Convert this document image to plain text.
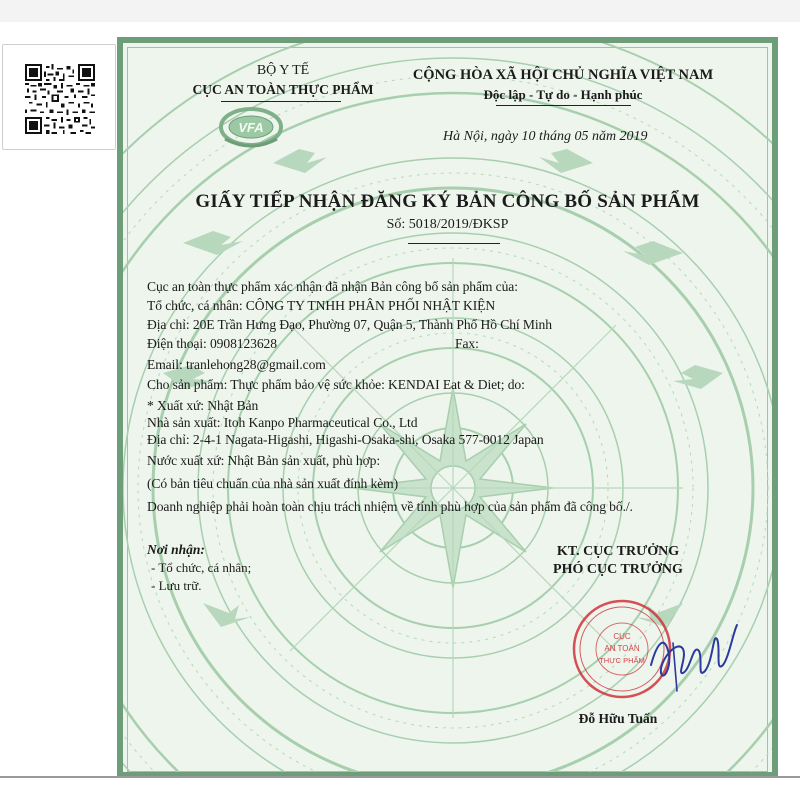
BỘ Y TẾ
CỤC AN TOÀN THỰC PHẨM
VFA
CỘNG HÒA XÃ HỘI CHỦ NGHĨA VIỆT NAM
Độc lập - Tự do - Hạnh phúc
Hà Nội, ngày 10 tháng 05 năm 2019
GIẤY TIẾP NHẬN ĐĂNG KÝ BẢN CÔNG BỐ SẢN PHẨM
Số: 5018/2019/ĐKSP
Cục an toàn thực phẩm xác nhận đã nhận Bản công bố sản phẩm của:
Tổ chức, cá nhân: CÔNG TY TNHH PHÂN PHỐI NHẬT KIỆN
Địa chỉ: 20E Trần Hưng Đạo, Phường 07, Quận 5, Thành Phố Hồ Chí Minh
Điện thoại: 0908123628	Fax:
Email: tranlehong28@gmail.com
Cho sản phẩm: Thực phẩm bảo vệ sức khỏe: KENDAI Eat & Diet; do:
* Xuất xứ: Nhật Bản
Nhà sản xuất: Itoh Kanpo Pharmaceutical Co., Ltd
Địa chỉ: 2-4-1 Nagata-Higashi, Higashi-Osaka-shi, Osaka 577-0012 Japan
Nước xuất xứ: Nhật Bản sản xuất, phù hợp:
(Có bản tiêu chuẩn của nhà sản xuất đính kèm)
Doanh nghiệp phải hoàn toàn chịu trách nhiệm về tính phù hợp của sản phẩm đã công bố./.
Nơi nhận:
- Tổ chức, cá nhân;
- Lưu trữ.
KT. CỤC TRƯỞNG
PHÓ CỤC TRƯỞNG
CỤC
AN TOÀN
THỰC PHẨM
Đỗ Hữu Tuấn
